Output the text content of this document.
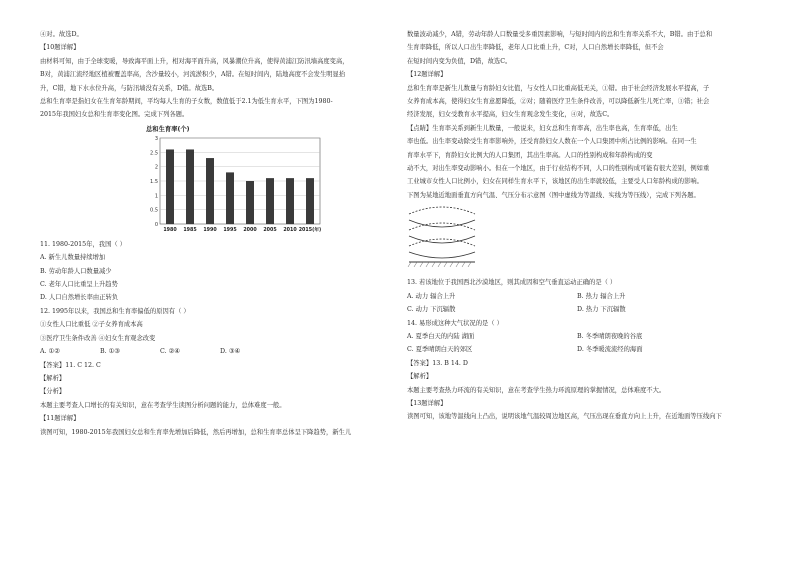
④对。故选D。
【10题详解】
由材料可知，由于全球变暖，导致海平面上升，相对海平面升高，风暴潮位升高，使得黄浦江防汛墙高度变高，
B对，黄浦江流经地区植被覆盖率高，含沙量较小，河流淤积少，A错。在短时间内，陆地高度不会发生明显抬
升，C错，地下水水位升高，与防汛墙没有关系，D错。故选B。
总和生育率是指妇女在生育年龄期间，平均每人生育的子女数，数值低于2.1为低生育水平，下图为1980-
2015年我国妇女总和生育率变化图。完成下列各题。
总和生育率(个)
0
0.5
1
1.5
2
2.5
3
1980 1985 1990 1995 2000 2005 2010 2015(年)
11. 1980-2015年，我国（ ）
A. 新生儿数量持续增加
B. 劳动年龄人口数量减少
C. 老年人口比重呈上升趋势
D. 人口自然增长率由正转负
12. 1995年以来，我国总和生育率偏低的原因有（ ）
①女性人口比重低 ②子女养育成本高
③医疗卫生条件改善 ④妇女生育观念改变
A. ①②	B. ①③	C. ②④	D. ③④
【答案】11. C 12. C
【解析】
【分析】
本题主要考查人口增长的有关知识，意在考查学生读图分析问题的能力，总体难度一般。
【11题详解】
读图可知，1980-2015年我国妇女总和生育率先增加后降低，然后再增加，总和生育率总体呈下降趋势，新生儿
数量波动减少，A错，劳动年龄人口数量受多重因素影响，与短时间内的总和生育率关系不大，B错。由于总和
生育率降低，所以人口出生率降低，老年人口比重上升，C对，人口自然增长率降低，但不会
在短时间内变为负值，D错，故选C。
【12题详解】
总和生育率是新生儿数量与育龄妇女比值，与女性人口比重高低无关，①错。由于社会经济发展水平提高，子
女养育成本高，使得妇女生育意愿降低，②对；随着医疗卫生条件改善，可以降低新生儿死亡率，③错；社会
经济发展，妇女受教育水平提高，妇女生育观念发生变化，④对，故选C。
【点睛】生育率关系到新生儿数量，一般说来，妇女总和生育率高，出生率也高，生育率低，出生
率也低。出生率变动除受生育率影响外，还受育龄妇女人数在一个人口集团中所占比例的影响。在同一生
育率水平下，育龄妇女比例大的人口集团，其出生率高。人口的性别构成和年龄构成的变
动不大，对出生率变动影响小。但在一个地区，由于行业结构不同，人口的性别构成可能有很大差别，例如重
工业城市女性人口比例小，妇女在同样生育水平下，该地区的出生率就较低，主要受人口年龄构成的影响。
下图为某地近地面垂直方向气温、气压分布示意图（图中虚线为等温线、实线为等压线），完成下列各题。
13. 若该地位于我国西北沙漠地区，则其成因和空气垂直运动正确的是（ ）
A. 动力 辐合上升	B. 热力 辐合上升
C. 动力 下沉辐散	D. 热力 下沉辐散
14. 易形成这种大气状况的是（ ）
A. 夏季白天的内陆 湖面	B. 冬季晴朗夜晚的谷底
C. 夏季晴朗白天的郊区	D. 冬季暖流流经的海面
【答案】13. B 14. D
【解析】
本题主要考查热力环流的有关知识，意在考查学生热力环流原理的掌握情况，总体难度不大。
【13题详解】
读图可知，该地等温线向上凸出，说明该地气温较周边地区高，气压出现在垂直方向上上升，在近地面等压线向下
